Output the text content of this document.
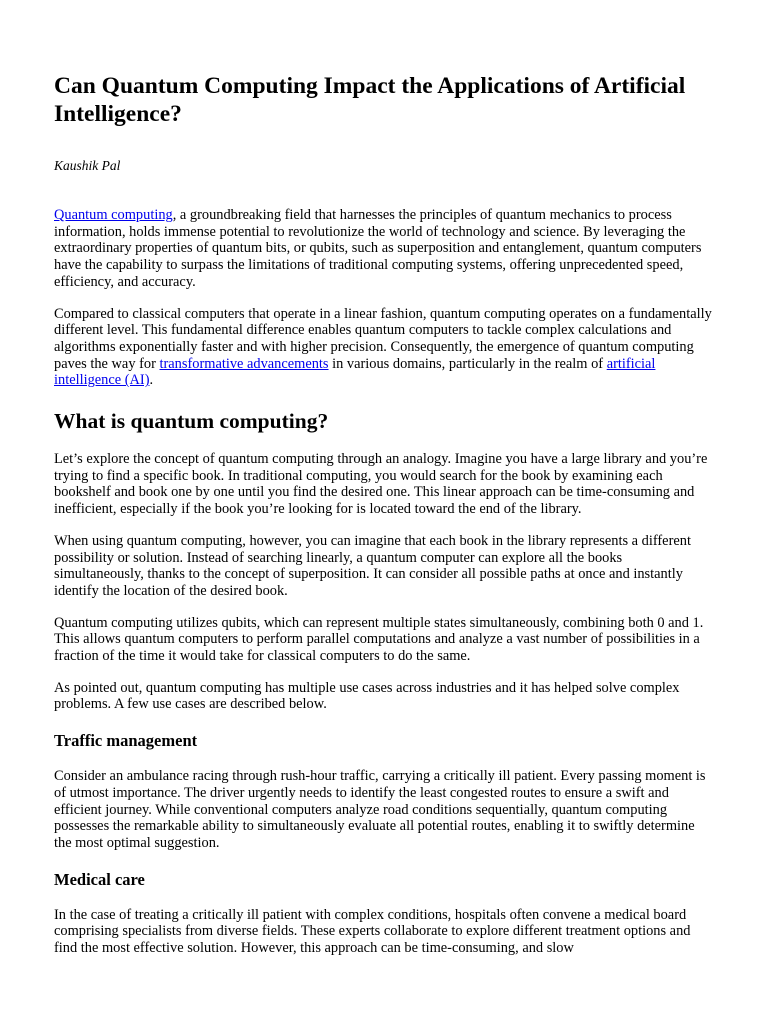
Can Quantum Computing Impact the Applications of Artificial Intelligence?
Kaushik Pal

Quantum computing, a groundbreaking field that harnesses the principles of quantum mechanics to process information, holds immense potential to revolutionize the world of technology and science. By leveraging the extraordinary properties of quantum bits, or qubits, such as superposition and entanglement, quantum computers have the capability to surpass the limitations of traditional computing systems, offering unprecedented speed, efficiency, and accuracy.

Compared to classical computers that operate in a linear fashion, quantum computing operates on a fundamentally different level. This fundamental difference enables quantum computers to tackle complex calculations and algorithms exponentially faster and with higher precision. Consequently, the emergence of quantum computing paves the way for transformative advancements in various domains, particularly in the realm of artificial intelligence (AI).

What is quantum computing?

Let’s explore the concept of quantum computing through an analogy. Imagine you have a large library and you’re trying to find a specific book. In traditional computing, you would search for the book by examining each bookshelf and book one by one until you find the desired one. This linear approach can be time-consuming and inefficient, especially if the book you’re looking for is located toward the end of the library.

When using quantum computing, however, you can imagine that each book in the library represents a different possibility or solution. Instead of searching linearly, a quantum computer can explore all the books simultaneously, thanks to the concept of superposition. It can consider all possible paths at once and instantly identify the location of the desired book.

Quantum computing utilizes qubits, which can represent multiple states simultaneously, combining both 0 and 1. This allows quantum computers to perform parallel computations and analyze a vast number of possibilities in a fraction of the time it would take for classical computers to do the same.

As pointed out, quantum computing has multiple use cases across industries and it has helped solve complex problems. A few use cases are described below.

Traffic management

Consider an ambulance racing through rush-hour traffic, carrying a critically ill patient. Every passing moment is of utmost importance. The driver urgently needs to identify the least congested routes to ensure a swift and efficient journey. While conventional computers analyze road conditions sequentially, quantum computing possesses the remarkable ability to simultaneously evaluate all potential routes, enabling it to swiftly determine the most optimal suggestion.

Medical care

In the case of treating a critically ill patient with complex conditions, hospitals often convene a medical board comprising specialists from diverse fields. These experts collaborate to explore different treatment options and find the most effective solution. However, this approach can be time-consuming, and slow
